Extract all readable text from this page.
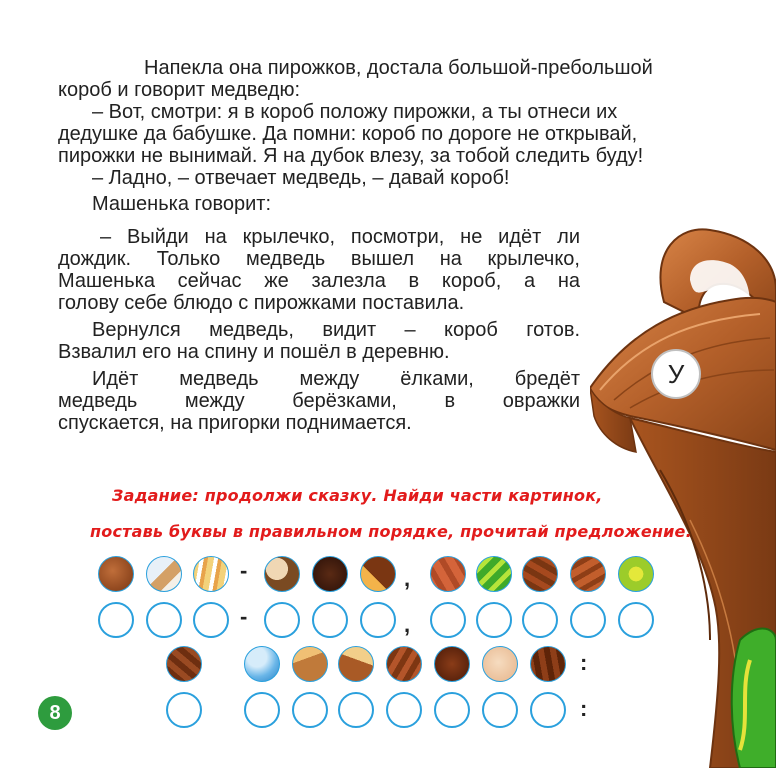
Напекла она пирожков, достала большой-пребольшой

короб и говорит медведю:

– Вот, смотри: я в короб положу пирожки, а ты отнеси их

дедушке да бабушке. Да помни: короб по дороге не открывай,

пирожки не вынимай. Я на дубок влезу, за тобой следить буду!

– Ладно, – отвечает медведь, – давай короб!

Машенька говорит:

– Выйди на крылечко, посмотри, не идёт ли

дождик. Только медведь вышел на крылечко,

Машенька сейчас же залезла в короб, а на

голову себе блюдо с пирожками поставила.

Вернулся медведь, видит – короб готов.

Взвалил его на спину и пошёл в деревню.

Идёт медведь между ёлками, бредёт

медведь между берёзками, в овражки

спускается, на пригорки поднимается.

У
Задание: продолжи сказку. Найди части картинок,
поставь буквы в правильном порядке, прочитай предложение.
-	,
-	,
:
:
8
